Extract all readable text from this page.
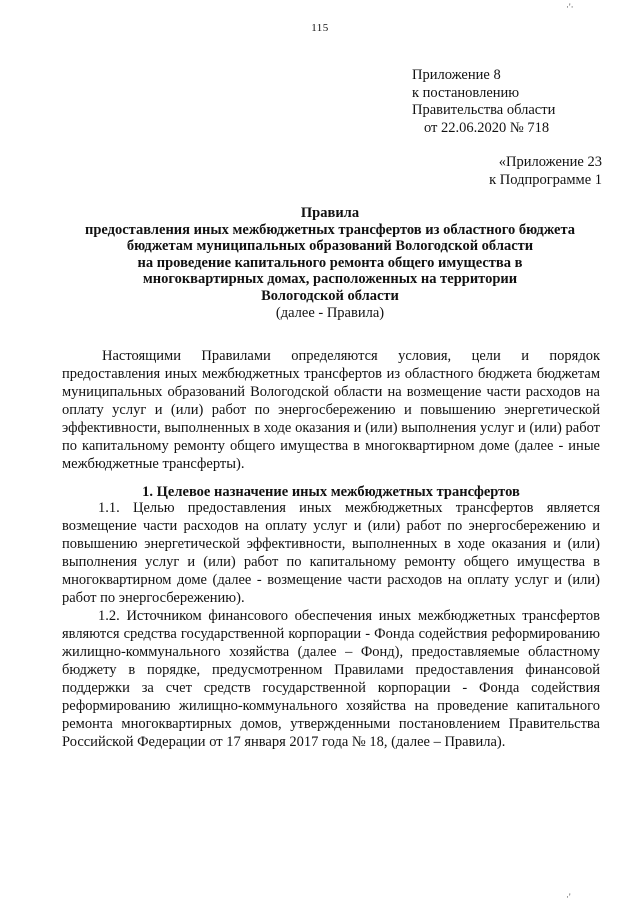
115
·'·
·'
Приложение 8
к постановлению
Правительства области
от 22.06.2020 № 718
«Приложение 23
к Подпрограмме 1
Правила
предоставления иных межбюджетных трансфертов из областного бюджета
бюджетам муниципальных образований Вологодской области
на проведение капитального ремонта общего имущества в
многоквартирных домах, расположенных на территории
Вологодской области
(далее - Правила)

Настоящими Правилами определяются условия, цели и порядок предоставления иных межбюджетных трансфертов из областного бюджета бюджетам муниципальных образований Вологодской области на возмещение части расходов на оплату услуг и (или) работ по энергосбережению и повышению энергетической эффективности, выполненных в ходе оказания и (или) выполнения услуг и (или) работ по капитальному ремонту общего имущества в многоквартирном доме (далее - иные межбюджетные трансферты).

1. Целевое назначение иных межбюджетных трансфертов

1.1. Целью предоставления иных межбюджетных трансфертов является возмещение части расходов на оплату услуг и (или) работ по энергосбережению и повышению энергетической эффективности, выполненных в ходе оказания и (или) выполнения услуг и (или) работ по капитальному ремонту общего имущества в многоквартирном доме (далее - возмещение части расходов на оплату услуг и (или) работ по энергосбережению).

1.2. Источником финансового обеспечения иных межбюджетных трансфертов являются средства государственной корпорации - Фонда содействия реформированию жилищно-коммунального хозяйства (далее – Фонд), предоставляемые областному бюджету в порядке, предусмотренном Правилами предоставления финансовой поддержки за счет средств государственной корпорации - Фонда содействия реформированию жилищно-коммунального хозяйства на проведение капитального ремонта многоквартирных домов, утвержденными постановлением Правительства Российской Федерации от 17 января 2017 года № 18, (далее – Правила).
